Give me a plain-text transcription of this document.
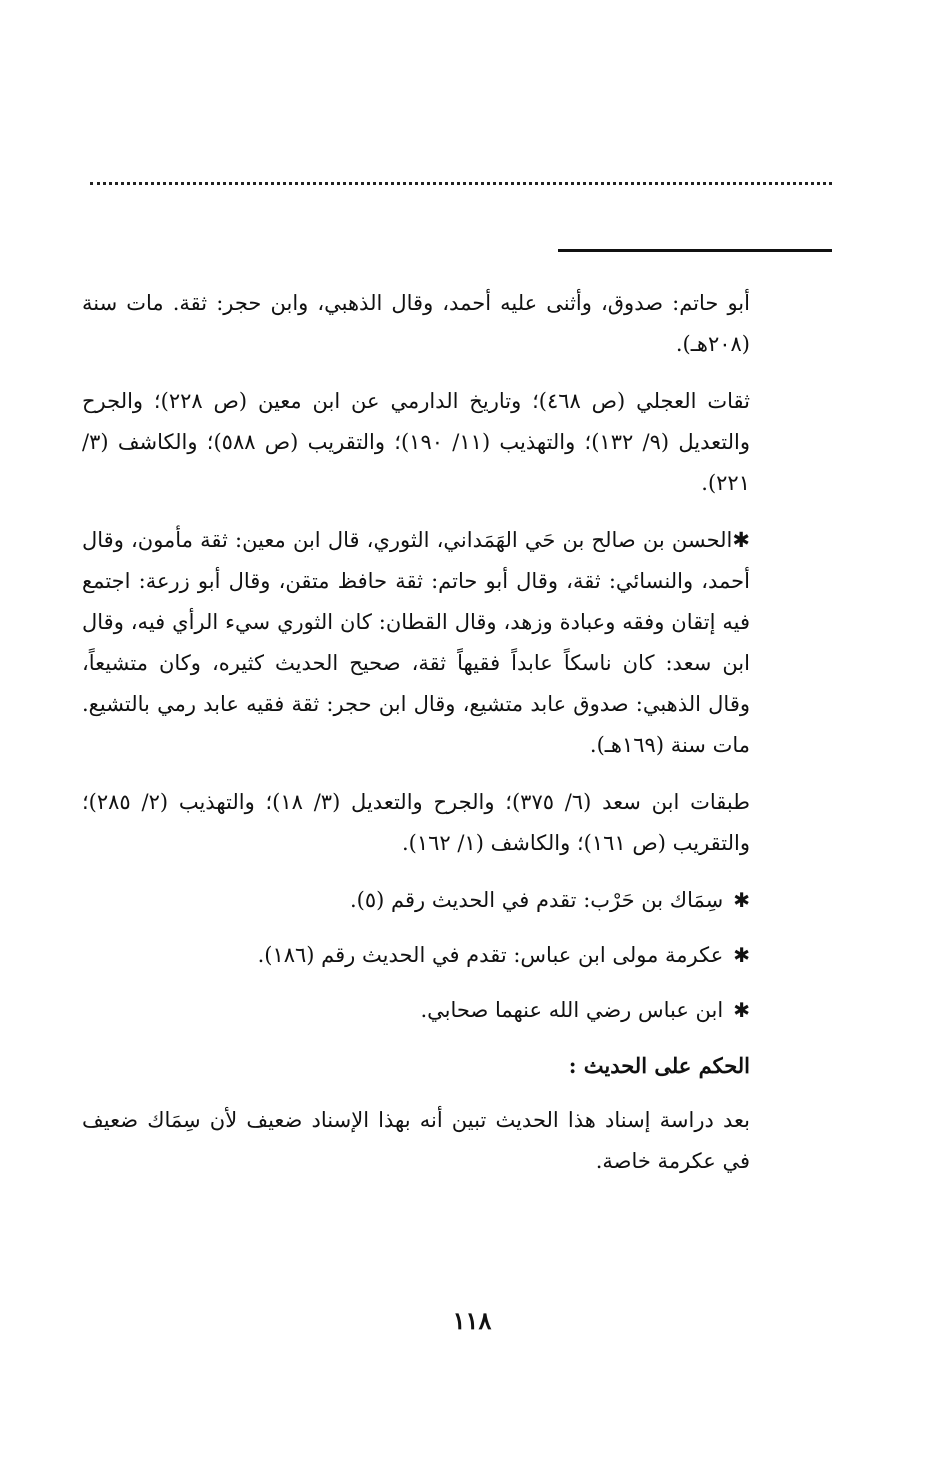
أبو حاتم: صدوق، وأثنى عليه أحمد، وقال الذهبي، وابن حجر: ثقة. مات سنة (٢٠٨هـ).

ثقات العجلي (ص ٤٦٨)؛ وتاريخ الدارمي عن ابن معين (ص ٢٢٨)؛ والجرح والتعديل (٩/ ١٣٢)؛ والتهذيب (١١/ ١٩٠)؛ والتقريب (ص ٥٨٨)؛ والكاشف (٣/ ٢٢١).

✱الحسن بن صالح بن حَي الهَمَداني، الثوري، قال ابن معين: ثقة مأمون، وقال أحمد، والنسائي: ثقة، وقال أبو حاتم: ثقة حافظ متقن، وقال أبو زرعة: اجتمع فيه إتقان وفقه وعبادة وزهد، وقال القطان: كان الثوري سيء الرأي فيه، وقال ابن سعد: كان ناسكاً عابداً فقيهاً ثقة، صحيح الحديث كثيره، وكان متشيعاً، وقال الذهبي: صدوق عابد متشيع، وقال ابن حجر: ثقة فقيه عابد رمي بالتشيع. مات سنة (١٦٩هـ).

طبقات ابن سعد (٦/ ٣٧٥)؛ والجرح والتعديل (٣/ ١٨)؛ والتهذيب (٢/ ٢٨٥)؛ والتقريب (ص ١٦١)؛ والكاشف (١/ ١٦٢).

✱سِمَاك بن حَرْب: تقدم في الحديث رقم (٥).

✱عكرمة مولى ابن عباس: تقدم في الحديث رقم (١٨٦).

✱ابن عباس رضي الله عنهما صحابي.

الحكم على الحديث :

بعد دراسة إسناد هذا الحديث تبين أنه بهذا الإسناد ضعيف لأن سِمَاك ضعيف في عكرمة خاصة.

١١٨
